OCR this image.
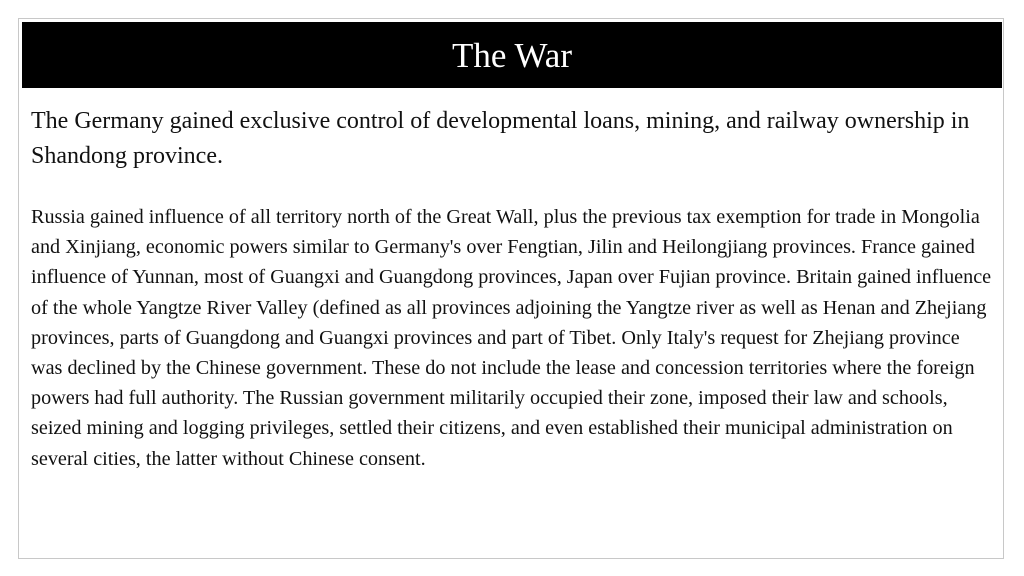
The War

The Germany gained exclusive control of developmental loans, mining, and railway ownership in Shandong province.

Russia gained influence of all territory north of the Great Wall, plus the previous tax exemption for trade in Mongolia and Xinjiang, economic powers similar to Germany's over Fengtian, Jilin and Heilongjiang provinces. France gained influence of Yunnan, most of Guangxi and Guangdong provinces, Japan over Fujian province. Britain gained influence of the whole Yangtze River Valley (defined as all provinces adjoining the Yangtze river as well as Henan and Zhejiang provinces, parts of Guangdong and Guangxi provinces and part of Tibet. Only Italy's request for Zhejiang province was declined by the Chinese government. These do not include the lease and concession territories where the foreign powers had full authority. The Russian government militarily occupied their zone, imposed their law and schools, seized mining and logging privileges, settled their citizens, and even established their municipal administration on several cities, the latter without Chinese consent.
